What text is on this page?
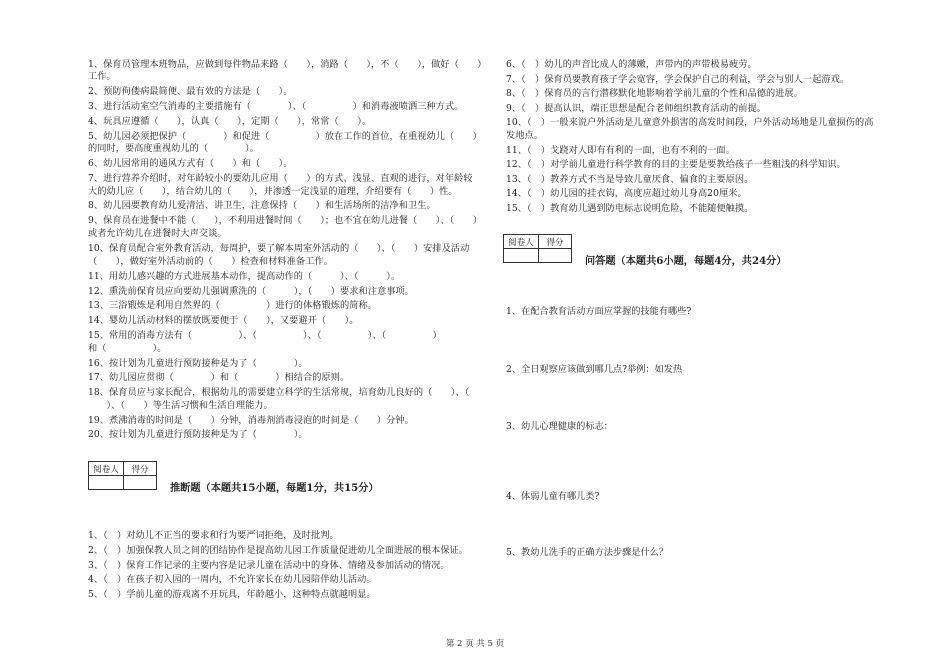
1、保育员管理本班物品，应做到每件物品来路（　　），消路（　　），不（　　），做好（　　）
工作。
2、预防佝偻病最简便、最有效的方法是（　　）。
3、进行活动室空气消毒的主要措施有（　　　　）、（　　　　　）和消毒液喷洒三种方式。
4、玩具应遵循（　　），认真（　　），定期（　　），常常（　　）。
5、幼儿园必须把保护（　　　　）和促进（　　　　　）放在工作的首位，在重视幼儿（　　）
的同时，要高度重视幼儿的（　　　　）。
6、幼儿园常用的通风方式有（　　）和（　　）。
7、进行营养介绍时，对年龄较小的要幼儿应用（　　）的方式、浅显、直观的进行，对年龄较
大的幼儿应（　　），结合幼儿的（　　），并渗透一定浅显的道理，介绍要有（　　）性。
8、幼儿园要教育幼儿爱清洁、讲卫生，注意保持（　　）和生活场所的洁净和卫生。
9、保育员在进餐中不能（　　），不利用进餐时间（　　）；也不宜在幼儿进餐（　　）、（　　）
或者允许幼儿在进餐时大声交谈。
10、保育员配合室外教育活动，每周护，要了解本周室外活动的（　　）、（　　）安排及活动
（　　），做好室外活动前的（　　）检查和材料准备工作。
11、用幼儿感兴趣的方式进展基本动作，提高动作的（　　　）、（　　　）。
12、熏洗前保育员应向要幼儿强调熏洗的（　　　），（　　）要求和注意事项。
13、三浴锻炼是利用自然界的（　　　　　）进行的体格锻炼的简称。
14、婴幼儿活动材料的摆放既要便于（　　），又要避开（　　）。
15、常用的消毒方法有（　　　　　）、（　　　　　）、（　　　　　）、（　　　　　）
和（　　　　　）。
16、按计划为儿童进行预防接种是为了（　　　　）。
17、幼儿园应贯彻（　　　　）和（　　　　）相结合的原则。
18、保育员应与家长配合，根据幼儿的需要建立科学的生活常规，培育幼儿良好的（　　）、（
　　）、（　　）等生活习惯和生活自理能力。
19、煮沸消毒的时间是（　　）分钟，消毒剂消毒浸泡的时间是（　　）分钟。
20、按计划为儿童进行预防接种是为了（　　　　）。
阅卷人	得分

推断题（本题共15小题，每题1分，共15分）
1、（　）对幼儿不正当的要求和行为要严词拒绝，及时批判。
2、（　）加强保教人员之间的团结协作是提高幼儿园工作质量促进幼儿全面进展的根本保证。
3、（　）保育工作记录的主要内容是记录儿童在活动中的身体、情绪及参加活动的情况。
4、（　）在孩子初入园的一周内，不允许家长在幼儿园陪伴幼儿活动。
5、（　）学前儿童的游戏离不开玩具，年龄越小，这种特点就越明显。
6、（　）幼儿的声音比成人的薄嫩，声带内的声带极易疲劳。
7、（　）保育员要教育孩子学会宽容，学会保护自己的利益，学会与别人一起游戏。
8、（　）保育员的言行潜移默化地影响着学前儿童的个性和品德的进展。
9、（　）提高认识，端正思想是配合老师组织教育活动的前提。
10、（　）一般来说户外活动是儿童意外损害的高发时间段，户外活动场地是儿童损伤的高
发地点。
11、（　）戈跷对人即有有利的一面，也有不利的一面。
12、（　）对学前儿童进行科学教育的目的主要是要教给孩子一些粗浅的科学知识。
13、（　）教养方式不当是导致儿童厌食、偏食的主要原因。
14、（　）幼儿园的挂衣钩，高度应超过幼儿身高20厘米。
15、（　）教育幼儿遇到防电标志说明危险，不能随便触摸。
阅卷人	得分

问答题（本题共6小题，每题4分，共24分）
1、在配合教育活动方面应掌握的技能有哪些?
2、全日观察应该做到哪几点?举例：如发热
3、幼儿心理健康的标志：
4、体弱儿童有哪儿类?
5、教幼儿洗手的正确方法步骤是什么？
第 2 页 共 5 页
